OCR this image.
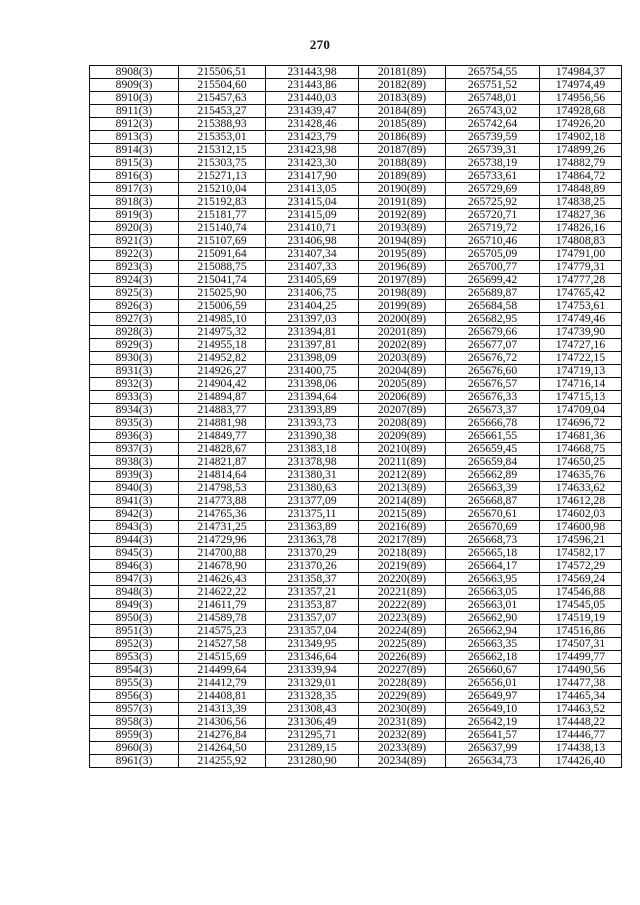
270
8908(3)	215506,51	231443,98	20181(89)	265754,55	174984,37
8909(3)	215504,60	231443,86	20182(89)	265751,52	174974,49
8910(3)	215457,63	231440,03	20183(89)	265748,01	174956,56
8911(3)	215453,27	231439,47	20184(89)	265743,02	174928,68
8912(3)	215388,93	231428,46	20185(89)	265742,64	174926,20
8913(3)	215353,01	231423,79	20186(89)	265739,59	174902,18
8914(3)	215312,15	231423,98	20187(89)	265739,31	174899,26
8915(3)	215303,75	231423,30	20188(89)	265738,19	174882,79
8916(3)	215271,13	231417,90	20189(89)	265733,61	174864,72
8917(3)	215210,04	231413,05	20190(89)	265729,69	174848,89
8918(3)	215192,83	231415,04	20191(89)	265725,92	174838,25
8919(3)	215181,77	231415,09	20192(89)	265720,71	174827,36
8920(3)	215140,74	231410,71	20193(89)	265719,72	174826,16
8921(3)	215107,69	231406,98	20194(89)	265710,46	174808,83
8922(3)	215091,64	231407,34	20195(89)	265705,09	174791,00
8923(3)	215088,75	231407,33	20196(89)	265700,77	174779,31
8924(3)	215041,74	231405,69	20197(89)	265699,42	174777,28
8925(3)	215025,90	231406,75	20198(89)	265689,87	174765,42
8926(3)	215006,59	231404,25	20199(89)	265684,58	174753,61
8927(3)	214985,10	231397,03	20200(89)	265682,95	174749,46
8928(3)	214975,32	231394,81	20201(89)	265679,66	174739,90
8929(3)	214955,18	231397,81	20202(89)	265677,07	174727,16
8930(3)	214952,82	231398,09	20203(89)	265676,72	174722,15
8931(3)	214926,27	231400,75	20204(89)	265676,60	174719,13
8932(3)	214904,42	231398,06	20205(89)	265676,57	174716,14
8933(3)	214894,87	231394,64	20206(89)	265676,33	174715,13
8934(3)	214883,77	231393,89	20207(89)	265673,37	174709,04
8935(3)	214881,98	231393,73	20208(89)	265666,78	174696,72
8936(3)	214849,77	231390,38	20209(89)	265661,55	174681,36
8937(3)	214828,67	231383,18	20210(89)	265659,45	174668,75
8938(3)	214821,87	231378,98	20211(89)	265659,84	174650,25
8939(3)	214814,64	231380,31	20212(89)	265662,89	174635,76
8940(3)	214798,53	231380,63	20213(89)	265663,39	174633,62
8941(3)	214773,88	231377,09	20214(89)	265668,87	174612,28
8942(3)	214765,36	231375,11	20215(89)	265670,61	174602,03
8943(3)	214731,25	231363,89	20216(89)	265670,69	174600,98
8944(3)	214729,96	231363,78	20217(89)	265668,73	174596,21
8945(3)	214700,88	231370,29	20218(89)	265665,18	174582,17
8946(3)	214678,90	231370,26	20219(89)	265664,17	174572,29
8947(3)	214626,43	231358,37	20220(89)	265663,95	174569,24
8948(3)	214622,22	231357,21	20221(89)	265663,05	174546,88
8949(3)	214611,79	231353,87	20222(89)	265663,01	174545,05
8950(3)	214589,78	231357,07	20223(89)	265662,90	174519,19
8951(3)	214575,23	231357,04	20224(89)	265662,94	174516,86
8952(3)	214527,58	231349,95	20225(89)	265663,35	174507,31
8953(3)	214515,69	231346,64	20226(89)	265662,18	174499,77
8954(3)	214499,64	231339,94	20227(89)	265660,67	174490,56
8955(3)	214412,79	231329,01	20228(89)	265656,01	174477,38
8956(3)	214408,81	231328,35	20229(89)	265649,97	174465,34
8957(3)	214313,39	231308,43	20230(89)	265649,10	174463,52
8958(3)	214306,56	231306,49	20231(89)	265642,19	174448,22
8959(3)	214276,84	231295,71	20232(89)	265641,57	174446,77
8960(3)	214264,50	231289,15	20233(89)	265637,99	174438,13
8961(3)	214255,92	231280,90	20234(89)	265634,73	174426,40
